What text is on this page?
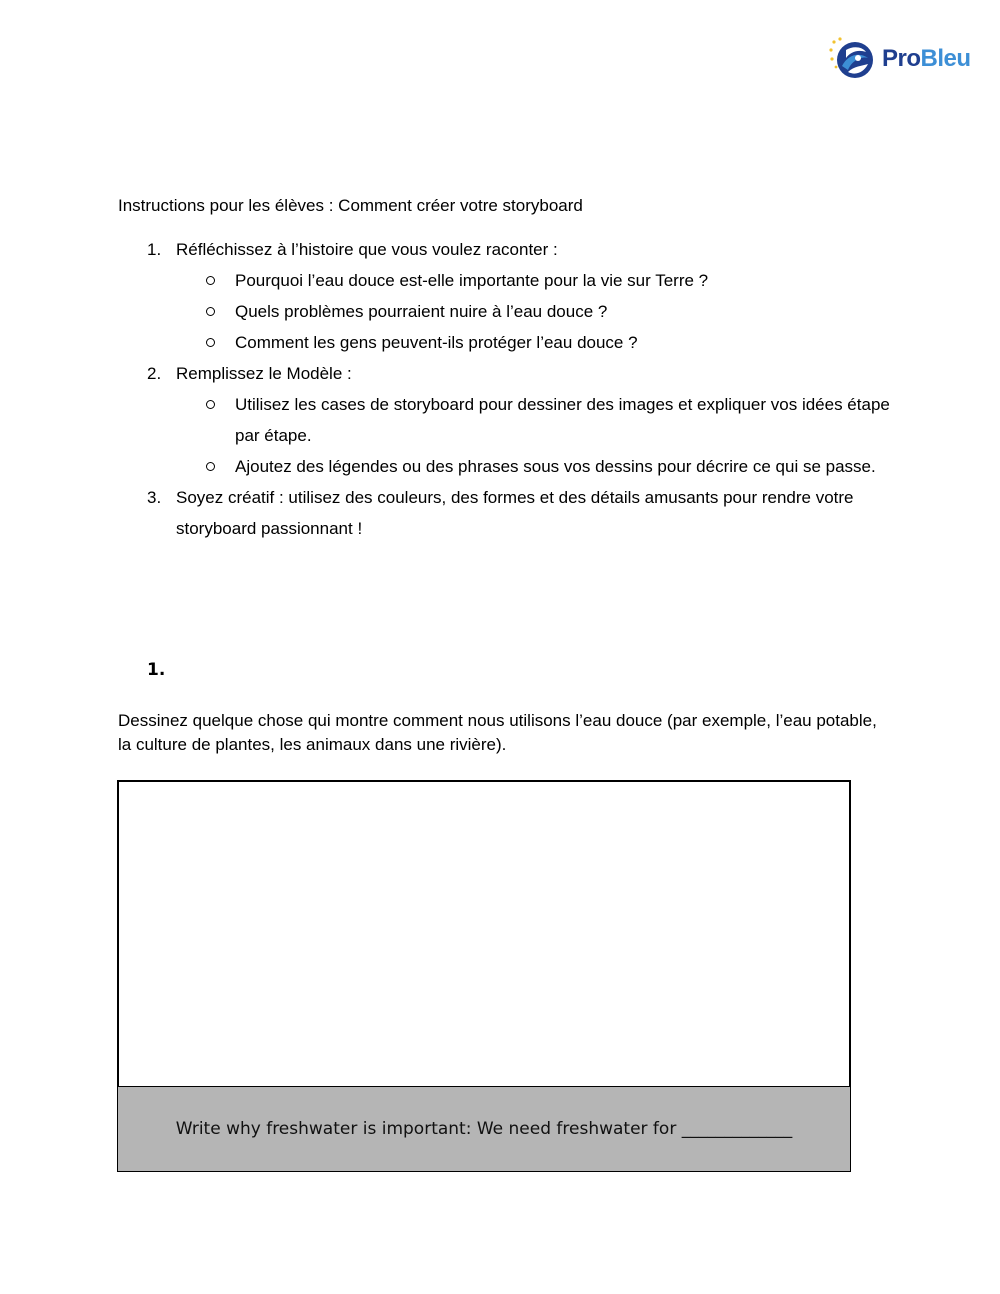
ProBleu

Instructions pour les élèves : Comment créer votre storyboard

1. Réfléchissez à l’histoire que vous voulez raconter :
Pourquoi l’eau douce est-elle importante pour la vie sur Terre ?
Quels problèmes pourraient nuire à l’eau douce ?
Comment les gens peuvent-ils protéger l’eau douce ?
2. Remplissez le Modèle :
Utilisez les cases de storyboard pour dessiner des images et expliquer vos idées étape par étape.
Ajoutez des légendes ou des phrases sous vos dessins pour décrire ce qui se passe.
3. Soyez créatif : utilisez des couleurs, des formes et des détails amusants pour rendre votre storyboard passionnant !
1.

Dessinez quelque chose qui montre comment nous utilisons l’eau douce (par exemple, l’eau potable, la culture de plantes, les animaux dans une rivière).

Write why freshwater is important: We need freshwater for _____________
